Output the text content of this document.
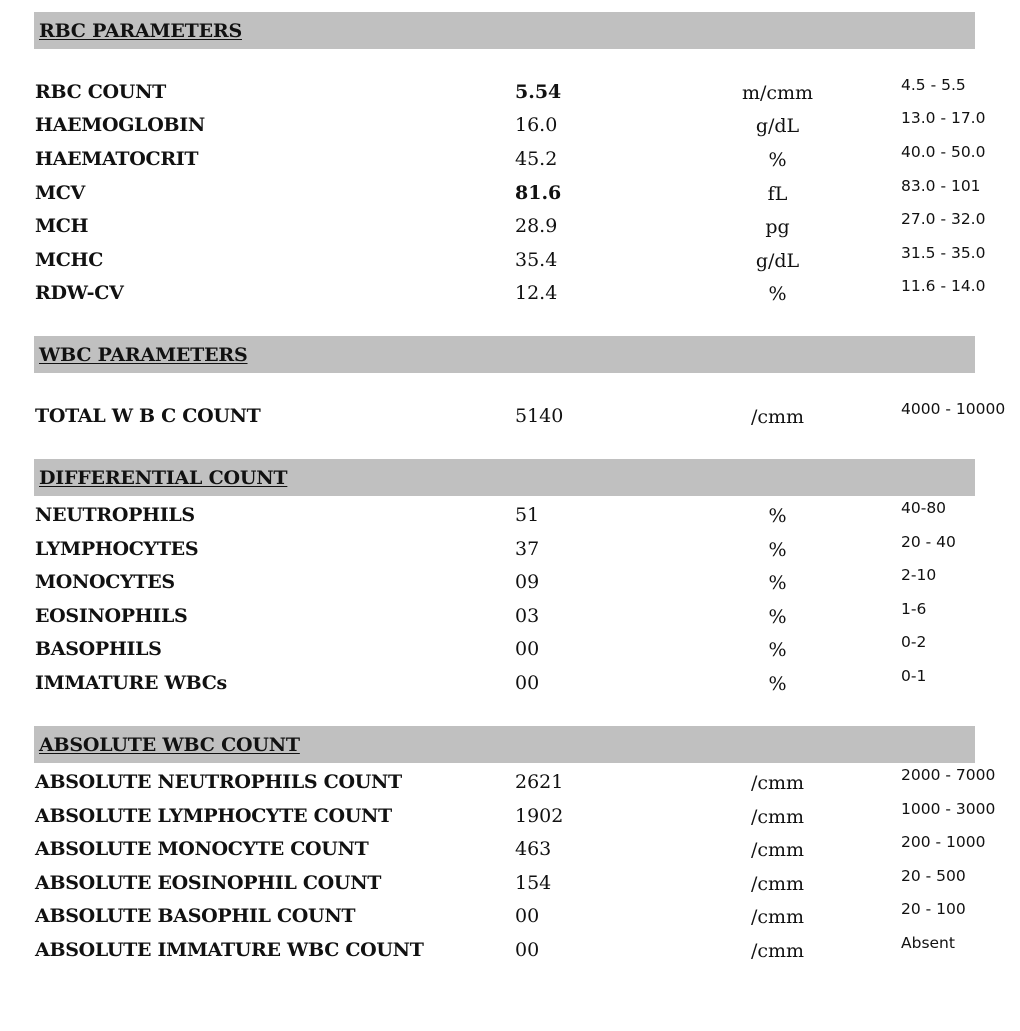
RBC PARAMETERS
RBC COUNT	5.54	m/cmm	4.5 - 5.5
HAEMOGLOBIN	16.0	g/dL	13.0 - 17.0
HAEMATOCRIT	45.2	%	40.0 - 50.0
MCV	81.6	fL	83.0 - 101
MCH	28.9	pg	27.0 - 32.0
MCHC	35.4	g/dL	31.5 - 35.0
RDW-CV	12.4	%	11.6 - 14.0
WBC PARAMETERS
TOTAL W B C COUNT	5140	/cmm	4000 - 10000
DIFFERENTIAL COUNT
NEUTROPHILS	51	%	40-80
LYMPHOCYTES	37	%	20 - 40
MONOCYTES	09	%	2-10
EOSINOPHILS	03	%	1-6
BASOPHILS	00	%	0-2
IMMATURE WBCs	00	%	0-1
ABSOLUTE WBC COUNT
ABSOLUTE NEUTROPHILS COUNT	2621	/cmm	2000 - 7000
ABSOLUTE LYMPHOCYTE COUNT	1902	/cmm	1000 - 3000
ABSOLUTE MONOCYTE COUNT	463	/cmm	200 - 1000
ABSOLUTE EOSINOPHIL COUNT	154	/cmm	20 - 500
ABSOLUTE BASOPHIL COUNT	00	/cmm	20 - 100
ABSOLUTE IMMATURE WBC COUNT	00	/cmm	Absent
